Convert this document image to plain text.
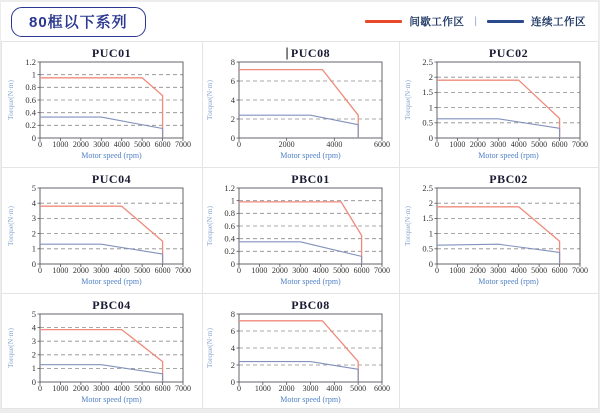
80框以下系列	间歇工作区	|	连续工作区
PUC01
0
0.2
0.4
0.6
0.8
1
1.2
0 1000 2000 3000 4000 5000 6000 7000
Torque(N·m)
Motor speed (rpm)
PUC08
0
2
4
6
8
0	2000	4000	6000
Torque(N·m)
Motor speed (rpm)
PUC02
0
0.5
1
1.5
2
2.5
0 1000 2000 3000 4000 5000 6000 7000
Torque(N·m)
Motor speed (rpm)
PUC04
0
1
2
3
4
5
0 1000 2000 3000 4000 5000 6000 7000
Torque(N·m)
Motor speed (rpm)
PBC01
0
0.2
0.4
0.6
0.8
1
1.2
0 1000 2000 3000 4000 5000 6000 7000
Torque(N·m)
Motor speed (rpm)
PBC02
0
0.5
1
1.5
2
2.5
0 1000 2000 3000 4000 5000 6000 7000
Torque(N·m)
Motor speed (rpm)
PBC04
0
1
2
3
4
5
0 1000 2000 3000 4000 5000 6000 7000
Torque(N·m)
Motor speed (rpm)
PBC08
0
2
4
6
8
0 1000 2000 3000 4000 5000 6000
Torque(N·m)
Motor speed (rpm)
